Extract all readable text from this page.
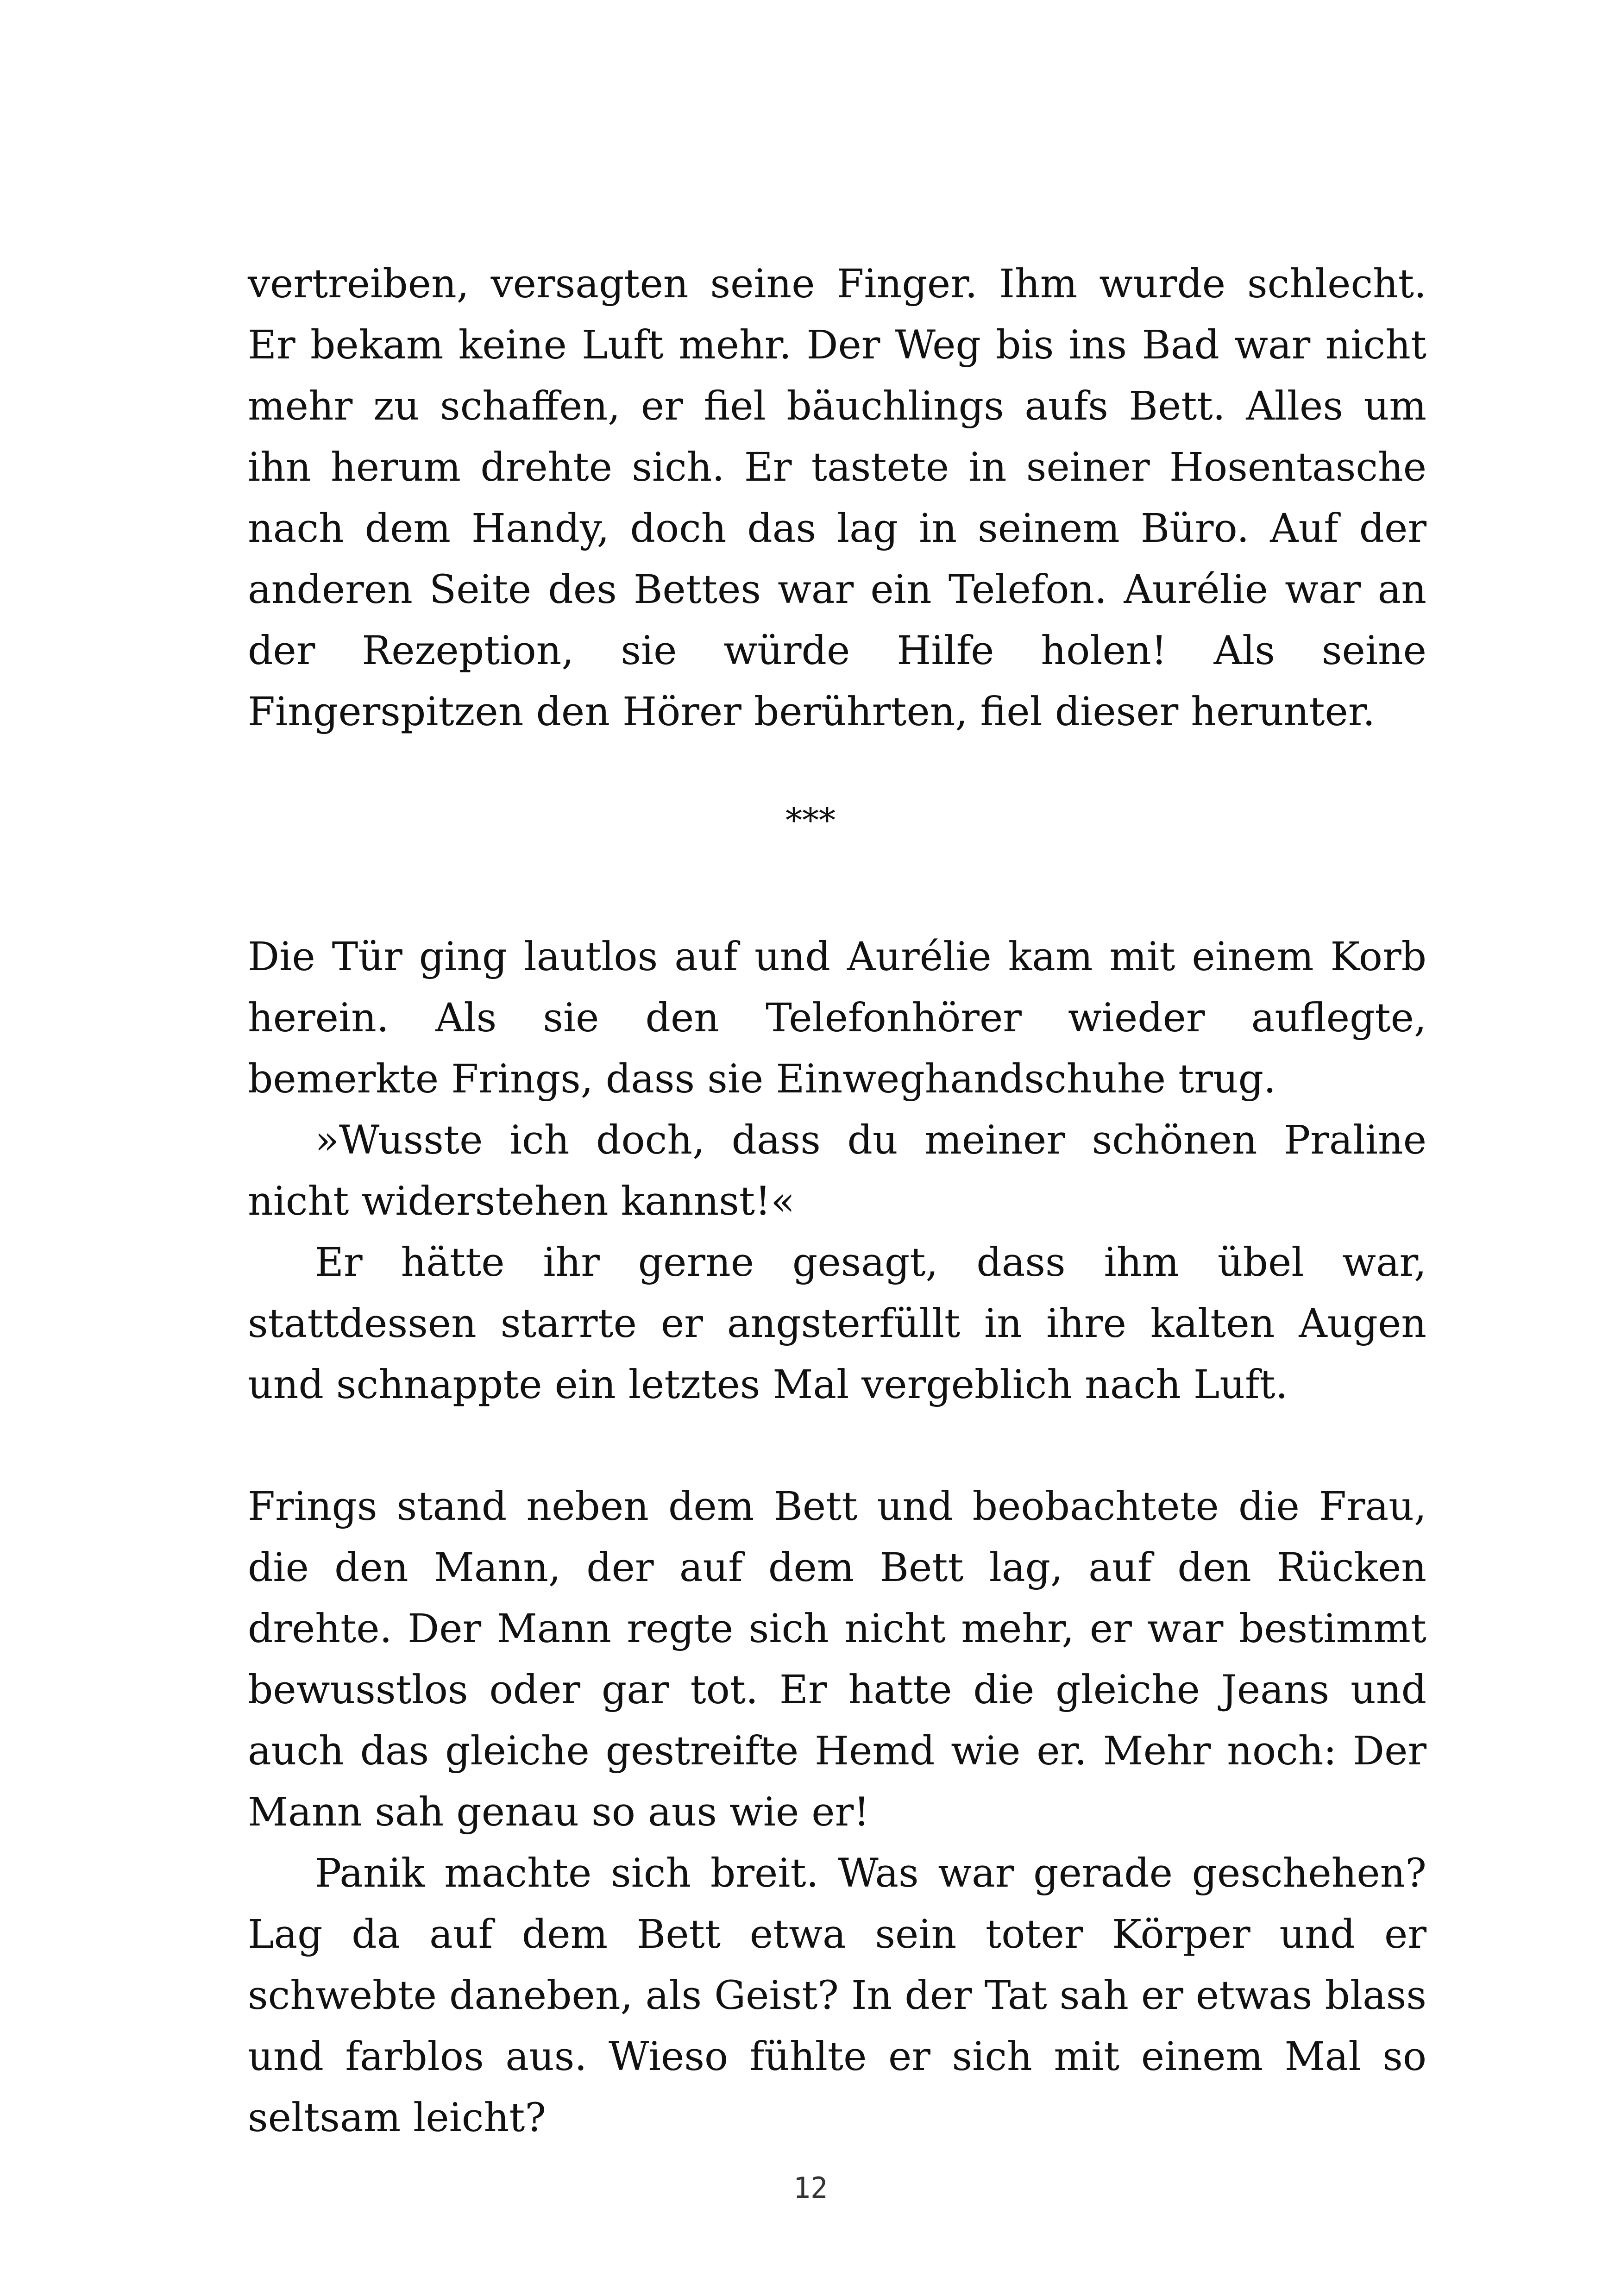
vertreiben, versagten seine Finger. Ihm wurde schlecht. Er bekam keine Luft mehr. Der Weg bis ins Bad war nicht mehr zu schaffen, er fiel bäuchlings aufs Bett. Alles um ihn herum drehte sich. Er tastete in seiner Hosentasche nach dem Handy, doch das lag in seinem Büro. Auf der anderen Seite des Bettes war ein Telefon. Aurélie war an der Rezeption, sie würde Hilfe holen! Als seine Fingerspitzen den Hörer berührten, fiel dieser herunter.

***

Die Tür ging lautlos auf und Aurélie kam mit einem Korb herein. Als sie den Telefonhörer wieder auflegte, bemerkte Frings, dass sie Einweghandschuhe trug.

»Wusste ich doch, dass du meiner schönen Praline nicht widerstehen kannst!«

Er hätte ihr gerne gesagt, dass ihm übel war, stattdessen starrte er angsterfüllt in ihre kalten Augen und schnappte ein letztes Mal vergeblich nach Luft.

Frings stand neben dem Bett und beobachtete die Frau, die den Mann, der auf dem Bett lag, auf den Rücken drehte. Der Mann regte sich nicht mehr, er war bestimmt bewusstlos oder gar tot. Er hatte die gleiche Jeans und auch das gleiche gestreifte Hemd wie er. Mehr noch: Der Mann sah genau so aus wie er!

Panik machte sich breit. Was war gerade geschehen? Lag da auf dem Bett etwa sein toter Körper und er schwebte daneben, als Geist? In der Tat sah er etwas blass und farblos aus. Wieso fühlte er sich mit einem Mal so seltsam leicht?

12
